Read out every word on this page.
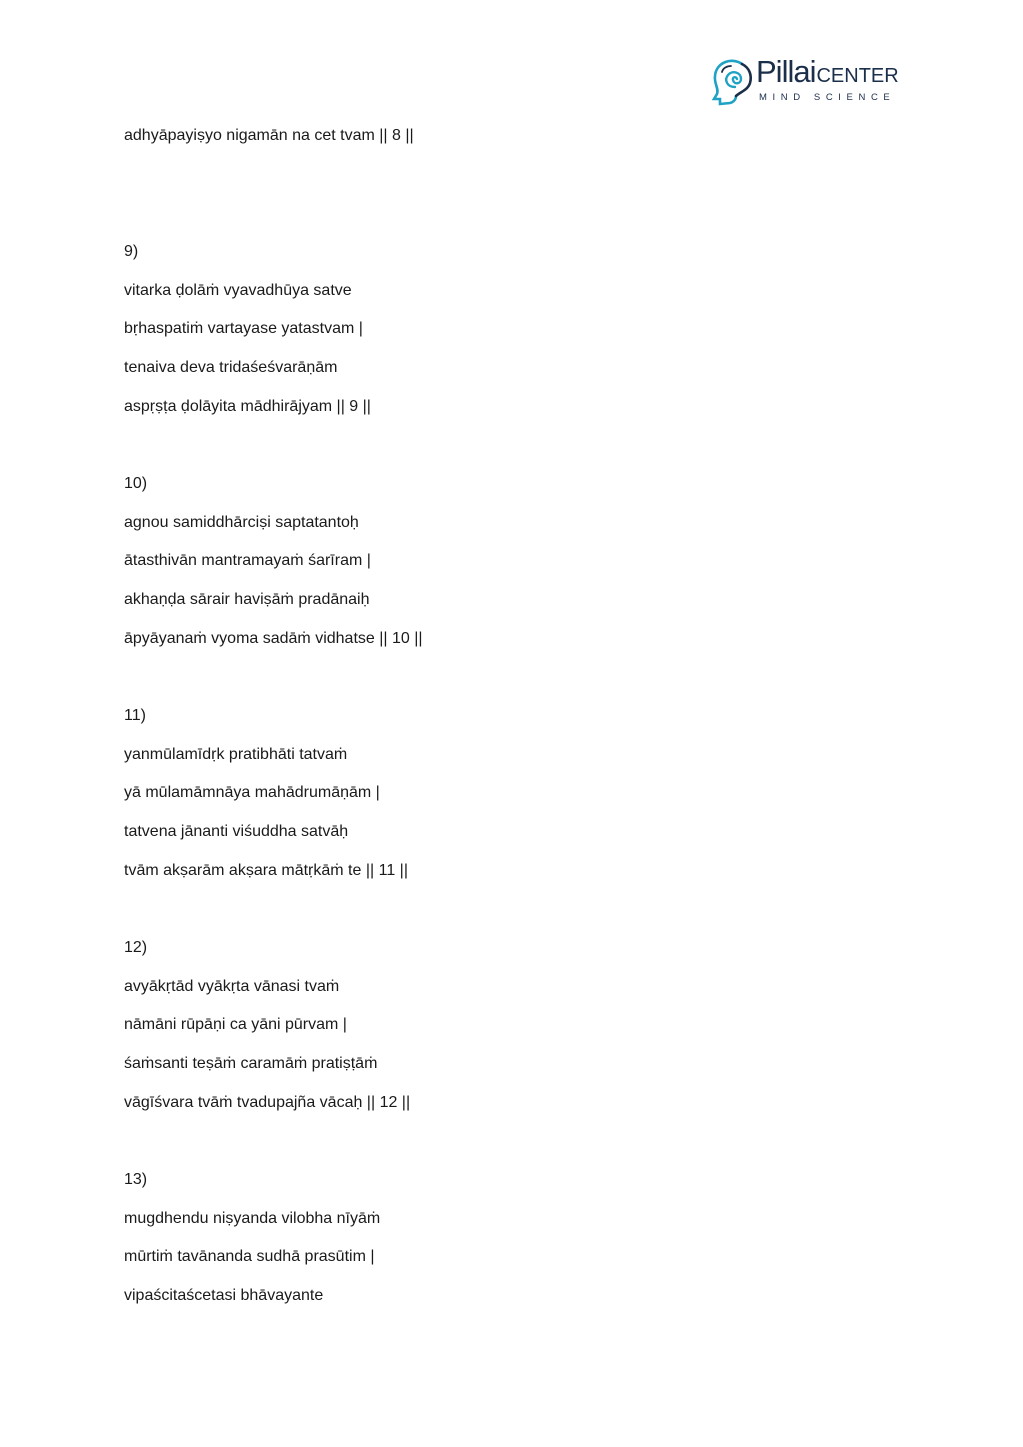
PillaiCENTER
MIND SCIENCE
adhyāpayiṣyo nigamān na cet tvam || 8 ||
9)
vitarka ḍolāṁ vyavadhūya satve
bṛhaspatiṁ vartayase yatastvam |
tenaiva deva tridaśeśvarāṇām
aspṛṣṭa ḍolāyita mādhirājyam || 9 ||
10)
agnou samiddhārciṣi saptatantoḥ
ātasthivān mantramayaṁ śarīram |
akhaṇḍa sārair haviṣāṁ pradānaiḥ
āpyāyanaṁ vyoma sadāṁ vidhatse || 10 ||
11)
yanmūlamīdṛk pratibhāti tatvaṁ
yā mūlamāmnāya mahādrumāṇām |
tatvena jānanti viśuddha satvāḥ
tvām akṣarām akṣara mātṛkāṁ te || 11 ||
12)
avyākṛtād vyākṛta vānasi tvaṁ
nāmāni rūpāṇi ca yāni pūrvam |
śaṁsanti teṣāṁ caramāṁ pratiṣṭāṁ
vāgīśvara tvāṁ tvadupajña vācaḥ || 12 ||
13)
mugdhendu niṣyanda vilobha nīyāṁ
mūrtiṁ tavānanda sudhā prasūtim |
vipaścitaścetasi bhāvayante
